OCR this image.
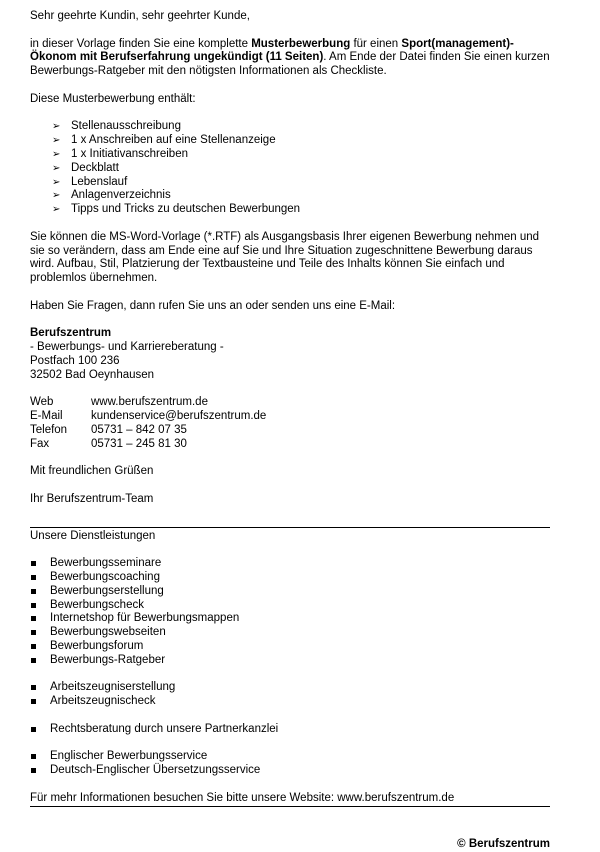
Sehr geehrte Kundin, sehr geehrter Kunde,

in dieser Vorlage finden Sie eine komplette Musterbewerbung für einen Sport(management)-Ökonom mit Berufserfahrung ungekündigt (11 Seiten). Am Ende der Datei finden Sie einen kurzen Bewerbungs-Ratgeber mit den nötigsten Informationen als Checkliste.

Diese Musterbewerbung enthält:

➢ Stellenausschreibung
➢ 1 x Anschreiben auf eine Stellenanzeige
➢ 1 x Initiativanschreiben
➢ Deckblatt
➢ Lebenslauf
➢ Anlagenverzeichnis
➢ Tipps und Tricks zu deutschen Bewerbungen

Sie können die MS-Word-Vorlage (*.RTF) als Ausgangsbasis Ihrer eigenen Bewerbung nehmen und sie so verändern, dass am Ende eine auf Sie und Ihre Situation zugeschnittene Bewerbung daraus wird. Aufbau, Stil, Platzierung der Textbausteine und Teile des Inhalts können Sie einfach und problemlos übernehmen.

Haben Sie Fragen, dann rufen Sie uns an oder senden uns eine E-Mail:

Berufszentrum

- Bewerbungs- und Karriereberatung -

Postfach 100 236

32502 Bad Oeynhausen

Web	www.berufszentrum.de
E-Mail	kundenservice@berufszentrum.de
Telefon	05731 – 842 07 35
Fax	05731 – 245 81 30

Mit freundlichen Grüßen

Ihr Berufszentrum-Team

Unsere Dienstleistungen

Bewerbungsseminare
Bewerbungscoaching
Bewerbungserstellung
Bewerbungscheck
Internetshop für Bewerbungsmappen
Bewerbungswebseiten
Bewerbungsforum
Bewerbungs-Ratgeber
Arbeitszeugniserstellung
Arbeitszeugnischeck
Rechtsberatung durch unsere Partnerkanzlei
Englischer Bewerbungsservice
Deutsch-Englischer Übersetzungsservice

Für mehr Informationen besuchen Sie bitte unsere Website: www.berufszentrum.de

© Berufszentrum
